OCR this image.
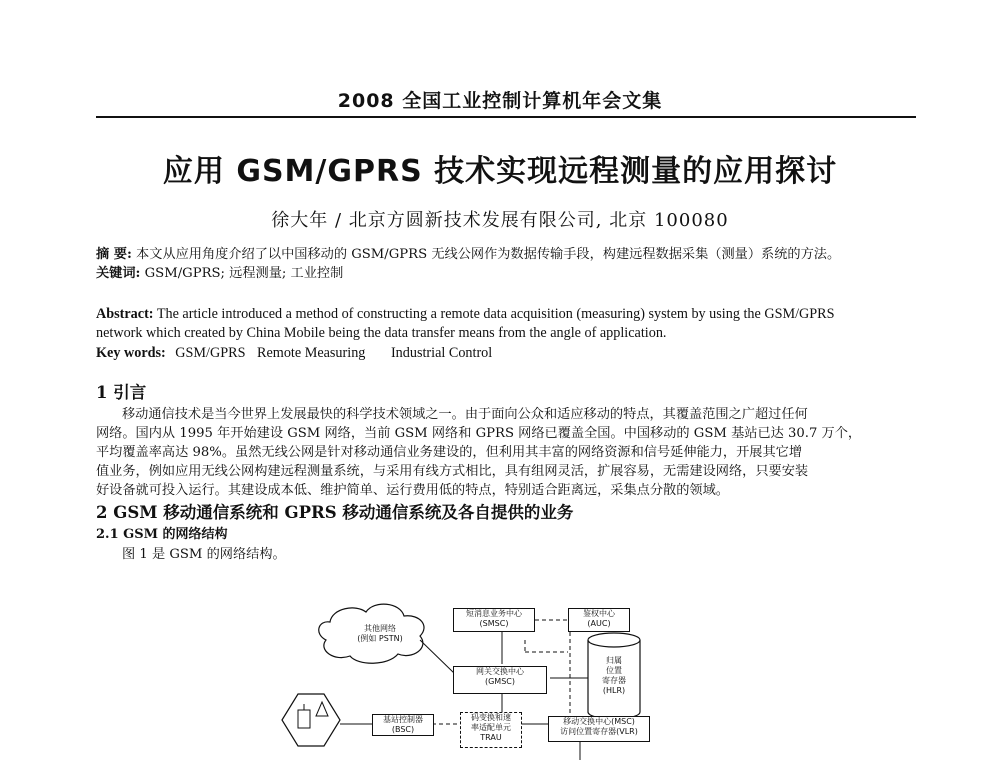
2008 全国工业控制计算机年会文集
应用 GSM/GPRS 技术实现远程测量的应用探讨
徐大年 / 北京方圆新技术发展有限公司, 北京 100080
摘 要: 本文从应用角度介绍了以中国移动的 GSM/GPRS 无线公网作为数据传输手段，构建远程数据采集（测量）系统的方法。
关键词: GSM/GPRS; 远程测量; 工业控制
Abstract: The article introduced a method of constructing a remote data acquisition (measuring) system by using the GSM/GPRS
network which created by China Mobile being the data transfer means from the angle of application.
Key words: GSM/GPRS Remote Measuring Industrial Control
1 引言
移动通信技术是当今世界上发展最快的科学技术领域之一。由于面向公众和适应移动的特点，其覆盖范围之广超过任何
网络。国内从 1995 年开始建设 GSM 网络，当前 GSM 网络和 GPRS 网络已覆盖全国。中国移动的 GSM 基站已达 30.7 万个，
平均覆盖率高达 98%。虽然无线公网是针对移动通信业务建设的，但利用其丰富的网络资源和信号延伸能力，开展其它增
值业务，例如应用无线公网构建远程测量系统，与采用有线方式相比，具有组网灵活，扩展容易，无需建设网络，只要安装
好设备就可投入运行。其建设成本低、维护简单、运行费用低的特点，特别适合距离远，采集点分散的领域。
2 GSM 移动通信系统和 GPRS 移动通信系统及各自提供的业务
2.1 GSM 的网络结构
图 1 是 GSM 的网络结构。
其他网络
(例如 PSTN)
短消息业务中心
(SMSC)
鉴权中心
(AUC)
网关交换中心
(GMSC)
归属
位置
寄存器
(HLR)
基站控制器
(BSC)
码变换和速
率适配单元
TRAU
移动交换中心(MSC)
访问位置寄存器(VLR)
